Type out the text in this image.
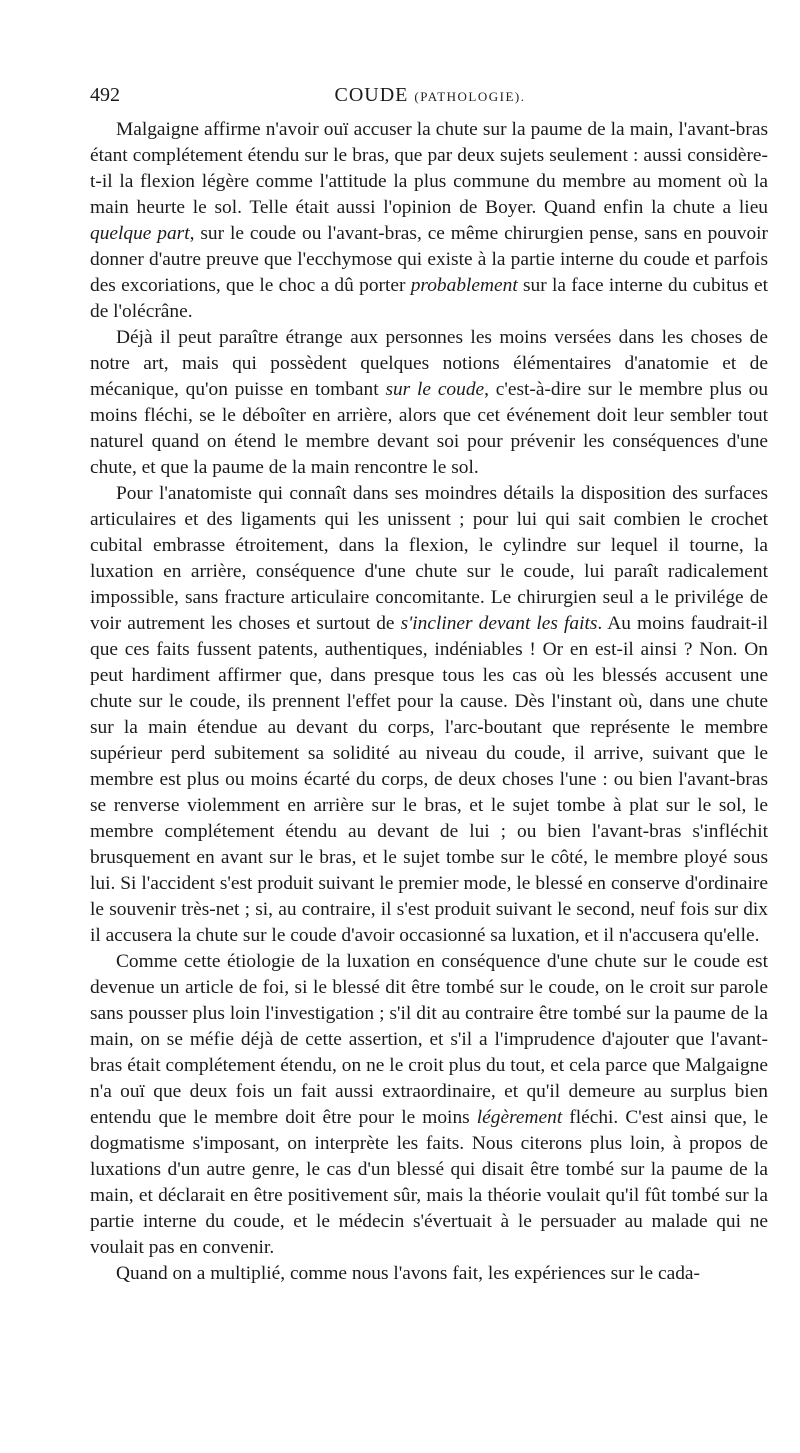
492	COUDE (PATHOLOGIE).

Malgaigne affirme n'avoir ouï accuser la chute sur la paume de la main, l'avant-bras étant complétement étendu sur le bras, que par deux sujets seulement : aussi considère-t-il la flexion légère comme l'attitude la plus commune du membre au moment où la main heurte le sol. Telle était aussi l'opinion de Boyer. Quand enfin la chute a lieu quelque part, sur le coude ou l'avant-bras, ce même chirurgien pense, sans en pouvoir donner d'autre preuve que l'ecchymose qui existe à la partie interne du coude et parfois des excoriations, que le choc a dû porter probablement sur la face interne du cubitus et de l'olécrâne.

Déjà il peut paraître étrange aux personnes les moins versées dans les choses de notre art, mais qui possèdent quelques notions élémentaires d'anatomie et de mécanique, qu'on puisse en tombant sur le coude, c'est-à-dire sur le membre plus ou moins fléchi, se le déboîter en arrière, alors que cet événement doit leur sembler tout naturel quand on étend le membre devant soi pour prévenir les conséquences d'une chute, et que la paume de la main rencontre le sol.

Pour l'anatomiste qui connaît dans ses moindres détails la disposition des surfaces articulaires et des ligaments qui les unissent ; pour lui qui sait combien le crochet cubital embrasse étroitement, dans la flexion, le cylindre sur lequel il tourne, la luxation en arrière, conséquence d'une chute sur le coude, lui paraît radicalement impossible, sans fracture articulaire concomitante. Le chirurgien seul a le privilége de voir autrement les choses et surtout de s'incliner devant les faits. Au moins faudrait-il que ces faits fussent patents, authentiques, indéniables ! Or en est-il ainsi ? Non. On peut hardiment affirmer que, dans presque tous les cas où les blessés accusent une chute sur le coude, ils prennent l'effet pour la cause. Dès l'instant où, dans une chute sur la main étendue au devant du corps, l'arc-boutant que représente le membre supérieur perd subitement sa solidité au niveau du coude, il arrive, suivant que le membre est plus ou moins écarté du corps, de deux choses l'une : ou bien l'avant-bras se renverse violemment en arrière sur le bras, et le sujet tombe à plat sur le sol, le membre complétement étendu au devant de lui ; ou bien l'avant-bras s'infléchit brusquement en avant sur le bras, et le sujet tombe sur le côté, le membre ployé sous lui. Si l'accident s'est produit suivant le premier mode, le blessé en conserve d'ordinaire le souvenir très-net ; si, au contraire, il s'est produit suivant le second, neuf fois sur dix il accusera la chute sur le coude d'avoir occasionné sa luxation, et il n'accusera qu'elle.

Comme cette étiologie de la luxation en conséquence d'une chute sur le coude est devenue un article de foi, si le blessé dit être tombé sur le coude, on le croit sur parole sans pousser plus loin l'investigation ; s'il dit au contraire être tombé sur la paume de la main, on se méfie déjà de cette assertion, et s'il a l'imprudence d'ajouter que l'avant-bras était complétement étendu, on ne le croit plus du tout, et cela parce que Malgaigne n'a ouï que deux fois un fait aussi extraordinaire, et qu'il demeure au surplus bien entendu que le membre doit être pour le moins légèrement fléchi. C'est ainsi que, le dogmatisme s'imposant, on interprète les faits. Nous citerons plus loin, à propos de luxations d'un autre genre, le cas d'un blessé qui disait être tombé sur la paume de la main, et déclarait en être positivement sûr, mais la théorie voulait qu'il fût tombé sur la partie interne du coude, et le médecin s'évertuait à le persuader au malade qui ne voulait pas en convenir.

Quand on a multiplié, comme nous l'avons fait, les expériences sur le cada-
